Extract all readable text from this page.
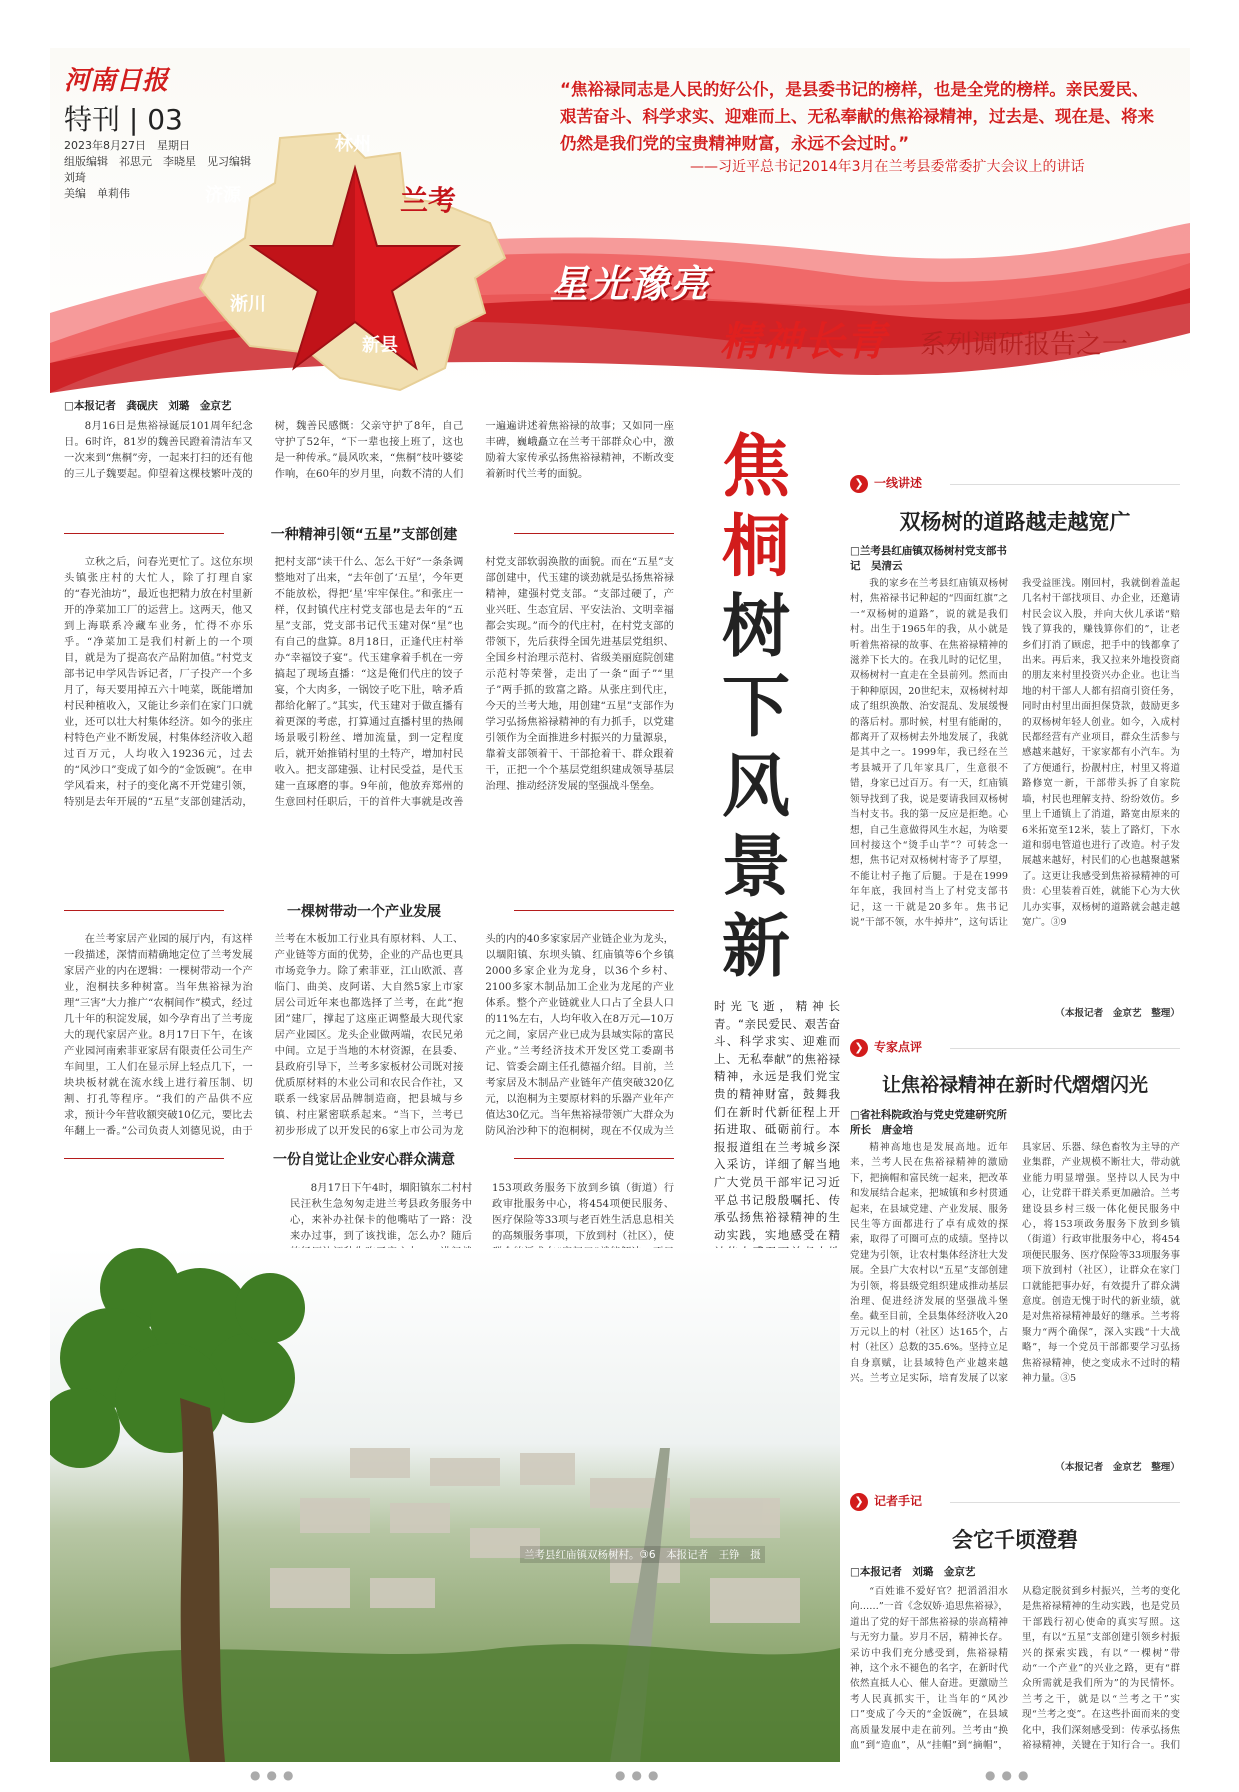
河南日报
特刊 | 03
2023年8月27日　星期日
组版编辑　祁思元　李晓星　见习编辑　刘琦
美编　单莉伟
“焦裕禄同志是人民的好公仆，是县委书记的榜样，也是全党的榜样。亲民爱民、艰苦奋斗、科学求实、迎难而上、无私奉献的焦裕禄精神，过去是、现在是、将来仍然是我们党的宝贵精神财富，永远不会过时。”
——习近平总书记2014年3月在兰考县委常委扩大会议上的讲话
林州
济源	兰考
淅川
新县
星光豫亮
精神长青 系列调研报告之一
□本报记者　龚砚庆　刘璐　金京艺

8月16日是焦裕禄诞辰101周年纪念日。6时许，81岁的魏善民蹬着清洁车又一次来到“焦桐”旁，一起来打扫的还有他的三儿子魏要起。仰望着这棵枝繁叶茂的树，魏善民感慨：父亲守护了8年，自己守护了52年，“下一辈也接上班了，这也是一种传承。”晨风吹来，“焦桐”枝叶婆娑作响，在60年的岁月里，向数不清的人们一遍遍讲述着焦裕禄的故事；又如同一座丰碑，巍峨矗立在兰考干部群众心中，激励着大家传承弘扬焦裕禄精神，不断改变着新时代兰考的面貌。

一种精神引领“五星”支部创建

立秋之后，问春光更忙了。这位东坝头镇张庄村的大忙人，除了打理自家的“春光油坊”，最近也把精力放在村里新开的净菜加工厂的运营上。这两天，他又到上海联系冷藏车业务，忙得不亦乐乎。“净菜加工是我们村新上的一个项目，就是为了提高农产品附加值。”村党支部书记申学风告诉记者，厂子投产一个多月了，每天要用掉五六十吨菜，既能增加村民种植收入，又能让乡亲们在家门口就业，还可以壮大村集体经济。如今的张庄村特色产业不断发展，村集体经济收入超过百万元，人均收入19236元，过去的“风沙口”变成了如今的“金饭碗”。在申学风看来，村子的变化离不开党建引领，特别是去年开展的“五星”支部创建活动，把村支部“读干什么、怎么干好”一条条调整地对了出来，“去年创了‘五星’，今年更不能放松，得把‘星’牢牢保住。”和张庄一样，仅封镇代庄村党支部也是去年的“五星”支部，党支部书记代玉建对保“星”也有自己的盘算。8月18日，正逢代庄村举办“幸福饺子宴”。代玉建拿着手机在一旁搞起了现场直播：“这是俺们代庄的饺子宴，个大肉多，一锅饺子吃下肚，啥矛盾都给化解了。”其实，代玉建对于做直播有着更深的考虑，打算通过直播村里的热闹场景吸引粉丝、增加流量，到一定程度后，就开始推销村里的土特产，增加村民收入。把支部建强、让村民受益，是代玉建一直琢磨的事。9年前，他放弃郑州的生意回村任职后，干的首件大事就是改善村党支部软弱涣散的面貌。而在“五星”支部创建中，代玉建的谈劲就是弘扬焦裕禄精神，建强村党支部。“支部过硬了，产业兴旺、生态宜居、平安法治、文明幸福都会实现。”而今的代庄村，在村党支部的带领下，先后获得全国先进基层党组织、全国乡村治理示范村、省级美丽庭院创建示范村等荣誉，走出了一条“面子”“里子”两手抓的致富之路。从张庄到代庄，今天的兰考大地，用创建“五星”支部作为学习弘扬焦裕禄精神的有力抓手，以党建引领作为全面推进乡村振兴的力量源泉，靠着支部领着干、干部抢着干、群众跟着干，正把一个个基层党组织建成领导基层治理、推动经济发展的坚强战斗堡垒。

一棵树带动一个产业发展

在兰考家居产业园的展厅内，有这样一段描述，深情而精确地定位了兰考发展家居产业的内在逻辑：一棵树带动一个产业，泡桐扶多种树富。当年焦裕禄为治理“三害”大力推广“农桐间作”模式，经过几十年的积淀发展，如今孕育出了兰考庞大的现代家居产业。8月17日下午，在该产业园河南索菲亚家居有限责任公司生产车间里，工人们在显示屏上轻点几下，一块块板材就在流水线上进行着压制、切割、打孔等程序。“我们的产品供不应求，预计今年营收额突破10亿元，要比去年翻上一番。”公司负责人刘德见说，由于兰考在木板加工行业具有原材料、人工、产业链等方面的优势，企业的产品也更具市场竞争力。除了索菲亚，江山欧派、喜临门、曲美、皮阿诺、大自然5家上市家居公司近年来也都选择了兰考，在此“抱团”建厂，撑起了这座正调整最大现代家居产业园区。龙头企业做两端，农民兄弟中间。立足于当地的木材资源，在县委、县政府引导下，兰考多家板材公司既对接优质原材料的木业公司和农民合作社，又联系一线家居品牌制造商，把县城与乡镇、村庄紧密联系起来。“当下，兰考已初步形成了以开发民的6家上市公司为龙头的内的40多家家居产业链企业为龙头，以堌阳镇、东坝头镇、红庙镇等6个乡镇2000多家企业为龙身，以36个乡村、2100多家木制品加工企业为龙尾的产业体系。整个产业链就业人口占了全县人口的11%左右，人均年收入在8万元—10万元之间，家居产业已成为县域实际的富民产业。”兰考经济技术开发区党工委副书记、管委会副主任孔德福介绍。目前，兰考家居及木制品产业链年产值突破320亿元，以泡桐为主要原材料的乐器产业年产值达30亿元。当年焦裕禄带领广大群众为防风治沙种下的泡桐树，现在不仅成为兰

一份自觉让企业安心群众满意

8月17日下午4时，堌阳镇东二村村民汪秋生急匆匆走进兰考县政务服务中心，来补办社保卡的他嘴咕了一路：没来办过事，到了该找谁，怎么办？随后 153项政务服务下放到乡镇（街道）行政审批服务中心，将454项便民服务、医疗保险等33项与老百姓生活息息相关的高频服务事项，下放到村（社区），使

焦
桐
树
下
风
景
新
时光飞逝，精神长青。“亲民爱民、艰苦奋斗、科学求实、迎难而上、无私奉献”的焦裕禄精神，永远是我们党宝贵的精神财富，鼓舞我们在新时代新征程上开拓进取、砥砺前行。本报报道组在兰考城乡深入采访，详细了解当地广大党员干部牢记习近平总书记殷殷嘱托、传承弘扬焦裕禄精神的生动实践，实地感受在精
兰考县红庙镇双杨树村。③6　本报记者　王铮　摄
❯ 一线讲述
双杨树的道路越走越宽广
□兰考县红庙镇双杨树村党支部书记　吴清云

我的家乡在兰考县红庙镇双杨树村，焦裕禄书记种起的“四面红旗”之一“双杨树的道路”，说的就是我们村。出生于1965年的我，从小就是听着焦裕禄的故事、在焦裕禄精神的滋养下长大的。在我儿时的记忆里，双杨树村一直走在全县前列。然而由于种种原因，20世纪末，双杨树村却成了组织涣散、治安混乱、发展缓慢的落后村。那时候，村里有能耐的，都离开了双杨树去外地发展了，我就是其中之一。1999年，我已经在兰考县城开了几年家具厂，生意很不错，身家已过百万。有一天，红庙镇领导找到了我，说是要请我回双杨树当村支书。我的第一反应是拒绝。心想，自己生意做得风生水起，为啥要回村接这个“烫手山芋”？可转念一想，焦书记对双杨树村寄予了厚望，不能让村子拖了后腿。于是在1999年年底，我回村当上了村党支部书记，这一干就是20多年。焦书记说“干部不领，水牛掉井”，这句话让我受益匪浅。刚回村，我就倒着盖起几名村干部找项目、办企业，还邀请村民会议入股，并向大伙儿承诺“赔钱了算我的，赚钱算你们的”，让老乡们打消了顾虑，把手中的钱都拿了出来。再后来，我又拉来外地投资商的朋友来村里投资兴办企业。也让当地的村干部人人都有招商引资任务，同时由村里出面担保贷款，鼓励更多的双杨树年轻人创业。如今，入成村民都经营有产业项目，群众生活参与感越来越好，干家家都有小汽车。为了方便通行，扮靓村庄，村里又将道路修宽一新，干部带头拆了自家院墙，村民也理解支持、纷纷效仿。乡里上千通镇上了消道，路宽由原来的6米拓宽至12米，装上了路灯，下水道和弱电管道也进行了改造。村子发展越来越好，村民们的心也越聚越紧了。这更让我感受到焦裕禄精神的可贵：心里装着百姓，就能下心为大伙儿办实事，双杨树的道路就会越走越宽广。③9

（本报记者　金京艺　整理）
❯ 专家点评
让焦裕禄精神在新时代熠熠闪光
□省社科院政治与党史党建研究所所长　唐金培

精神高地也是发展高地。近年来，兰考人民在焦裕禄精神的激励下，把摘帽和富民统一起来，把改革和发展结合起来，把城镇和乡村贯通起来，在县域党建、产业发展、服务民生等方面都进行了卓有成效的探索，取得了可圈可点的成绩。坚持以党建为引领，让农村集体经济壮大发展。全县广大农村以“五星”支部创建为引领，将县级党组织建成推动基层治理、促进经济发展的坚强战斗堡垒。截至目前，全县集体经济收入20万元以上的村（社区）达165个，占村（社区）总数的35.6%。坚持立足自身禀赋，让县域特色产业越来越兴。兰考立足实际，培育发展了以家具家居、乐器、绿色畜牧为主导的产业集群，产业规模不断壮大，带动就业能力明显增强。坚持以人民为中心，让党群干群关系更加融洽。兰考建设县乡村三级一体化便民服务中心，将153项政务服务下放到乡镇（街道）行政审批服务中心，将454项便民服务、医疗保险等33项服务事项下放到村（社区），让群众在家门口就能把事办好，有效提升了群众满意度。创造无愧于时代的新业绩，就是对焦裕禄精神最好的继承。兰考将聚力“两个确保”，深入实践“十大战略”，每一个党员干部都要学习弘扬焦裕禄精神，使之变成永不过时的精神力量。③5

（本报记者　金京艺　整理）
❯ 记者手记
会它千顷澄碧
□本报记者　刘璐　金京艺

“百姓谁不爱好官？把滔滔泪水向……”一首《念奴娇·追思焦裕禄》，道出了党的好干部焦裕禄的崇高精神与无穷力量。岁月不居，精神长存。采访中我们充分感受到，焦裕禄精神，这个永不褪色的名字，在新时代依然直抵人心、催人奋进。更激励兰考人民真抓实干，让当年的“风沙口”变成了今天的“金饭碗”，在县域高质量发展中走在前列。兰考由“换血”到“造血”，从“挂帽”到“摘帽”，从稳定脱贫到乡村振兴，兰考的变化是焦裕禄精神的生动实践，也是党员干部践行初心使命的真实写照。这里，有以“五星”支部创建引领乡村振兴的探索实践，有以“一棵树”带动“一个产业”的兴业之路，更有“群众所需就是我们所为”的为民情怀。兰考之干，就是以“兰考之干”实现“兰考之变”。在这些扑面而来的变化中，我们深刻感受到：传承弘扬焦裕禄精神，关键在于知行合一。我们

●●●	●●●	●●●
